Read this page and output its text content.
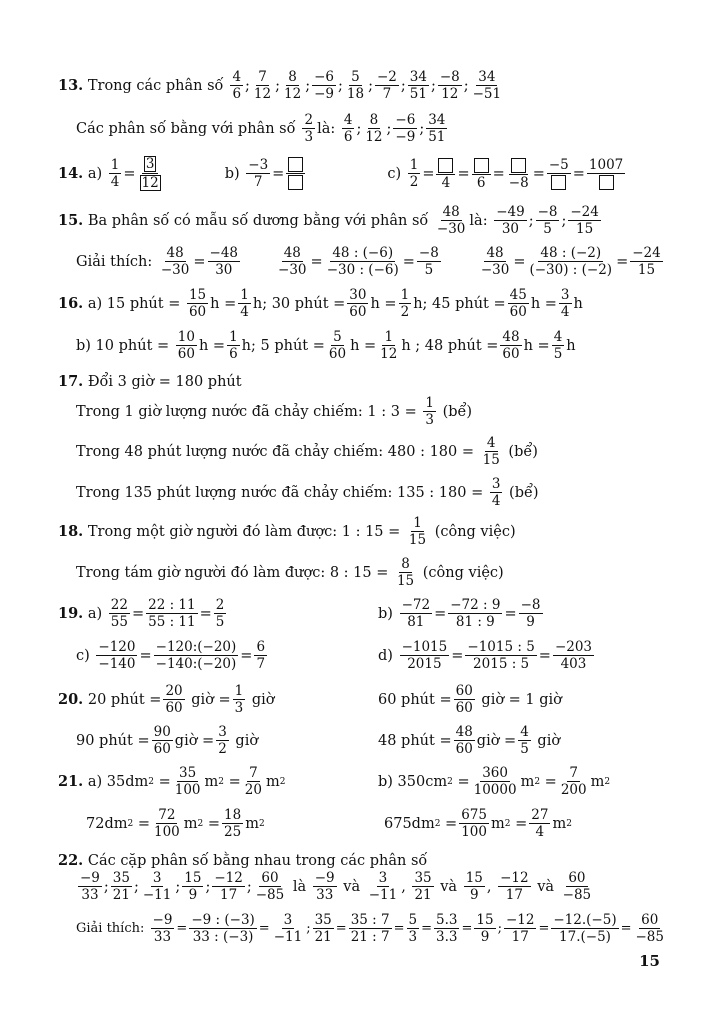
13.
Trong các phân số
4
6
;
7
12
;
8
12
;
−6
−9
;
5
18
;
−2
7
;
34
51
;
−8
12
;
34
−51
Các phân số bằng với phân số
2
3
là:

4
6
;
8
12
;
−6
−9
;
34
51
14.
a)

1
4
=
3
12
b)

−3
7
=	c)

1
2
=
4
=
6
=
−8
=
−5
=
1007
15.
Ba phân số có mẫu số dương bằng với phân số

48
−30
là:

−49
30
;
−8
5
;
−24
15
Giải thích:

48
−30
=
−48
30
48
−30
=
48 : (−6)
−30 : (−6)
=
−8
5
48
−30
=
48 : (−2)
(−30) : (−2)
=
−24
15
16.
a) 15 phút =
$\frac{15}{60}$ h =
1
4
h; 30 phút =
30
60
h =
1
2
h; 45 phút =
45
60
h =
3
4
h
b) 10 phút =
$\frac{10}{60}$ h =
1
6
h; 5 phút =
5
60
h =
1
12
h ; 48 phút =
48
60
h =
4
5
h
17.
Đổi 3 giờ = 180 phút
Trong 1 giờ lượng nước đã chảy chiếm: 1 : 3 =
$\frac{1}{3}$
(bể)
Trong 48 phút lượng nước đã chảy chiếm: 480 : 180 =
$\frac{4}{15}$
(bể)
Trong 135 phút lượng nước đã chảy chiếm: 135 : 180 =
$\frac{3}{4}$
(bể)
18.
Trong một giờ người đó làm được: 1 : 15 =
$\frac{1}{15}$
(công việc)
Trong tám giờ người đó làm được: 8 : 15 =
$\frac{8}{15}$
(công việc)
19.
a)

22
55
=
22 : 11
55 : 11
=
2
5
b)

−72
81
=
−72 : 9
81 : 9
=
−8
9
c)

−120
−140
=
−120:(−20)
−140:(−20)
=
6
7
d)

−1015
2015
=
−1015 : 5
2015 : 5
=
−203
403
20. 20 phút =
20
60
giờ =
1
3

giờ	60 phút =
60
60
giờ = 1 giờ
90 phút =
90
60
giờ =
3
2
giờ	48 phút =
48
60
giờ =
4
5
giờ
21.
a) 35dm 2 =
35
100
m 2 =
7
20
m 2	b) 350cm 2 =
360
10000
m 2 =
7
200
m 2
72dm 2 =
72
100
m 2 =
18
25
m 2	675dm 2 =
675
100
m 2 =
27
4
m 2
22.
Các cặp phân số bằng nhau trong các phân số
−9
33
;
35
21
;
3
−11
;
15
9
;
−12
17
;
60
−85

là

−9
33

và

3
−11
,
35
21

và

15
9
,
−12
17

và

60
−85
Giải thích:

−9
33
=
−9 : (−3)
33 : (−3)
=
3
−11
;
35
21
=
35 : 7
21 : 7
=
5
3
=
5.3
3.3
=
15
9
;
−12
17
=
−12.(−5)
17.(−5)
=
60
−85
15
